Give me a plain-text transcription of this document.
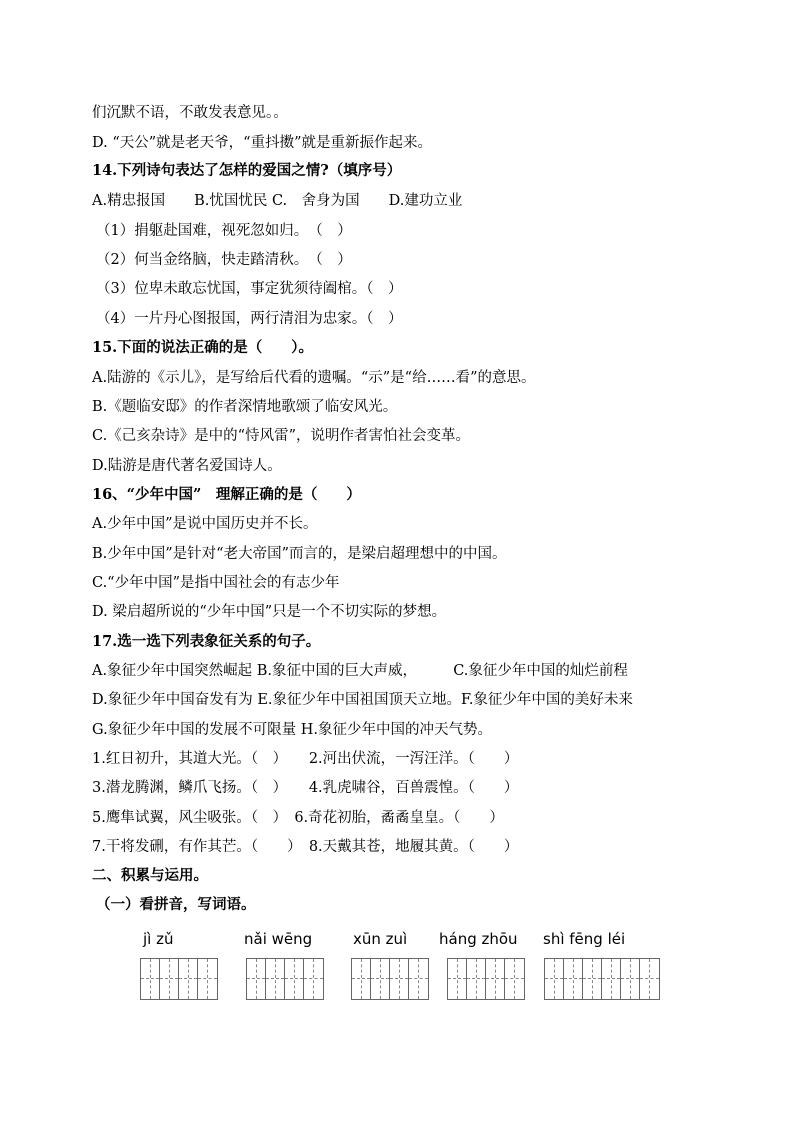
们沉默不语，不敢发表意见。。
D. “天公”就是老天爷，“重抖擞”就是重新振作起来。
14.下列诗句表达了怎样的爱国之情?（填序号）
A.精忠报国　　B.忧国忧民 C.　舍身为国　　D.建功立业
（1）捐躯赴国难，视死忽如归。　（　）
（2）何当金络脑，快走踏清秋。　（　）
（3）位卑未敢忘忧国，事定犹须待阖棺。（　）
（4）一片丹心图报国，两行清泪为忠家。（　）
15.下面的说法正确的是（　　）。
A.陆游的《示儿》，是写给后代看的遗嘱。“示”是“给……看”的意思。
B.《题临安邸》的作者深情地歌颂了临安风光。
C.《己亥杂诗》是中的“恃风雷”，说明作者害怕社会变革。
D.陆游是唐代著名爱国诗人。
16、“少年中国”　理解正确的是（　　）
A.少年中国”是说中国历史并不长。
B.少年中国”是针对“老大帝国”而言的，是梁启超理想中的中国。
C.“少年中国”是指中国社会的有志少年
D. 梁启超所说的“少年中国”只是一个不切实际的梦想。
17.选一选下列表象征关系的句子。
A.象征少年中国突然崛起 B.象征中国的巨大声威，　　　C.象征少年中国的灿烂前程
D.象征少年中国奋发有为 E.象征少年中国祖国顶天立地。F.象征少年中国的美好未来
G.象征少年中国的发展不可限量 H.象征少年中国的冲天气势。
1.红日初升，其道大光。（　）　　2.河出伏流，一泻汪洋。（　　）
3.潜龙腾渊，鳞爪飞扬。（　）　　4.乳虎啸谷，百兽震惶。（　　）
5.鹰隼试翼，风尘吸张。（　）　6.奇花初胎，矞矞皇皇。（　　）
7.干将发硎，有作其芒。（　　）　8.天戴其苍，地履其黄。（　　）
二、积累与运用。
（一）看拼音，写词语。
jì zǔ	nǎi wēng	xūn zuì háng zhōu shì fēng léi
